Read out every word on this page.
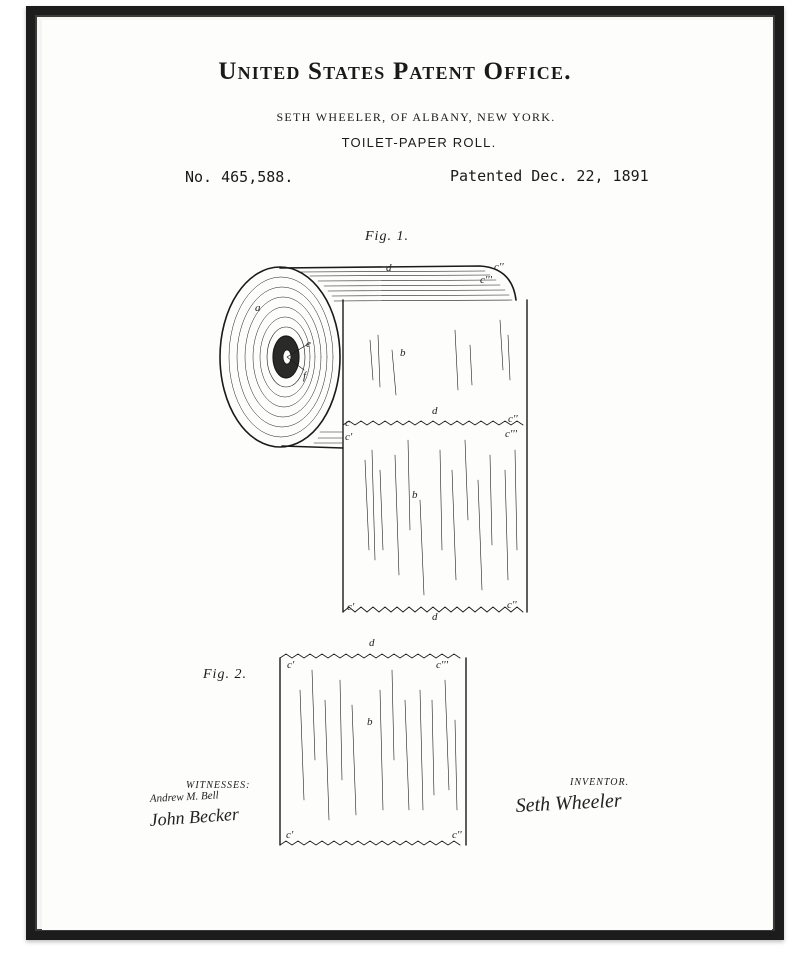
United States Patent Office.
SETH WHEELER, OF ALBANY, NEW YORK.
TOILET-PAPER ROLL.
No. 465,588.	Patented Dec. 22, 1891
Fig. 1.
Fig. 2.
WITNESSES:	INVENTOR.
a
b
b
b
d
d
d
d
e
f
c
c'
c''
c'''
c''
c'''
c'	c''
c'	c'''
c'	c''
Andrew M. Bell
John Becker	Seth Wheeler
